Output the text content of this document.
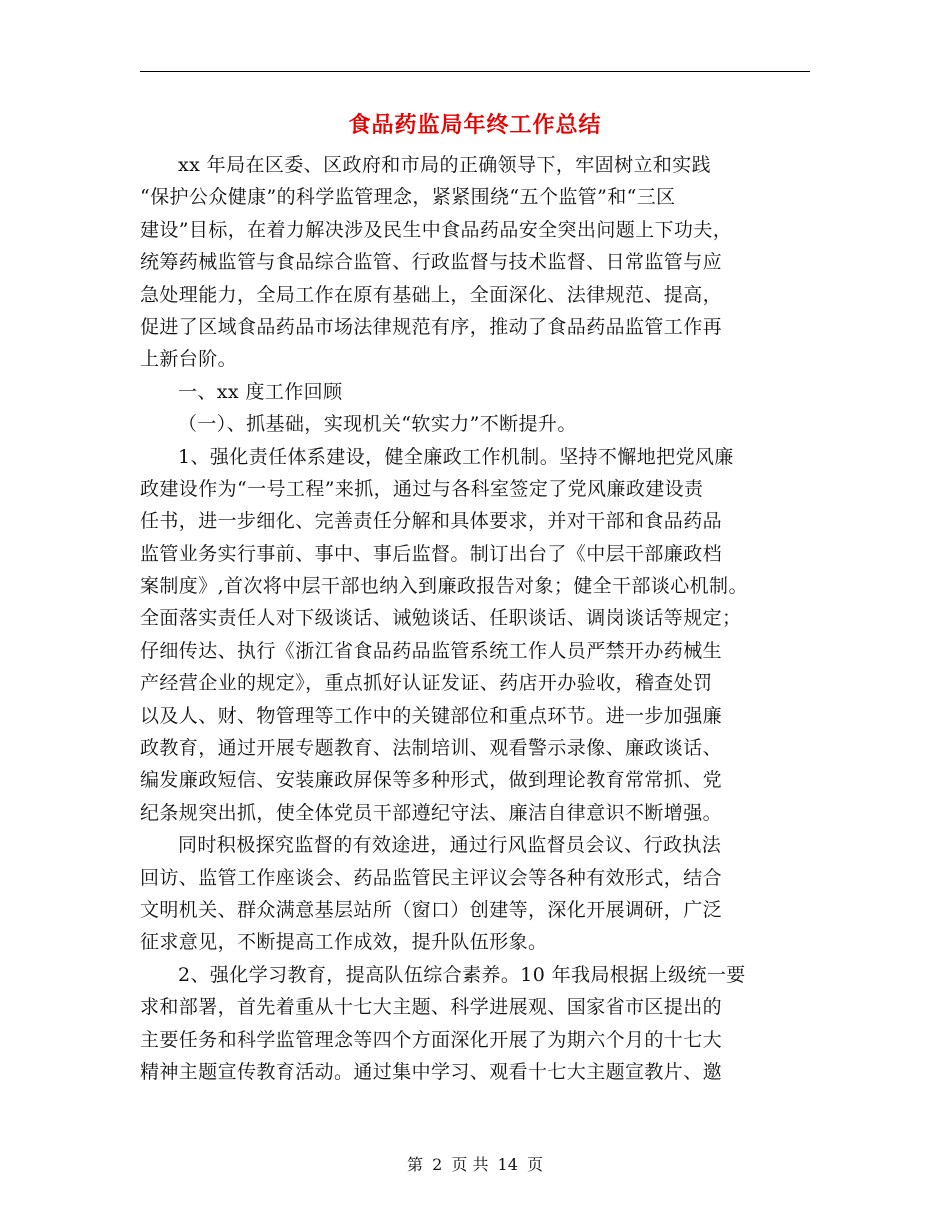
食品药监局年终工作总结
xx 年局在区委、区政府和市局的正确领导下，牢固树立和实践
“保护公众健康”的科学监管理念，紧紧围绕“五个监管”和“三区
建设”目标，在着力解决涉及民生中食品药品安全突出问题上下功夫，
统筹药械监管与食品综合监管、行政监督与技术监督、日常监管与应
急处理能力，全局工作在原有基础上，全面深化、法律规范、提高，
促进了区域食品药品市场法律规范有序，推动了食品药品监管工作再
上新台阶。
一、xx 度工作回顾
（一）、抓基础，实现机关“软实力”不断提升。
1、强化责任体系建设，健全廉政工作机制。坚持不懈地把党风廉
政建设作为“一号工程”来抓，通过与各科室签定了党风廉政建设责
任书，进一步细化、完善责任分解和具体要求，并对干部和食品药品
监管业务实行事前、事中、事后监督。制订出台了《中层干部廉政档
案制度》,首次将中层干部也纳入到廉政报告对象；健全干部谈心机制。
全面落实责任人对下级谈话、诫勉谈话、任职谈话、调岗谈话等规定；
仔细传达、执行《浙江省食品药品监管系统工作人员严禁开办药械生
产经营企业的规定》，重点抓好认证发证、药店开办验收，稽查处罚
以及人、财、物管理等工作中的关键部位和重点环节。进一步加强廉
政教育，通过开展专题教育、法制培训、观看警示录像、廉政谈话、
编发廉政短信、安装廉政屏保等多种形式，做到理论教育常常抓、党
纪条规突出抓，使全体党员干部遵纪守法、廉洁自律意识不断增强。
同时积极探究监督的有效途进，通过行风监督员会议、行政执法
回访、监管工作座谈会、药品监管民主评议会等各种有效形式，结合
文明机关、群众满意基层站所（窗口）创建等，深化开展调研，广泛
征求意见，不断提高工作成效，提升队伍形象。
2、强化学习教育，提高队伍综合素养。10 年我局根据上级统一要
求和部署，首先着重从十七大主题、科学进展观、国家省市区提出的
主要任务和科学监管理念等四个方面深化开展了为期六个月的十七大
精神主题宣传教育活动。通过集中学习、观看十七大主题宣教片、邀
第 2 页 共 14 页
